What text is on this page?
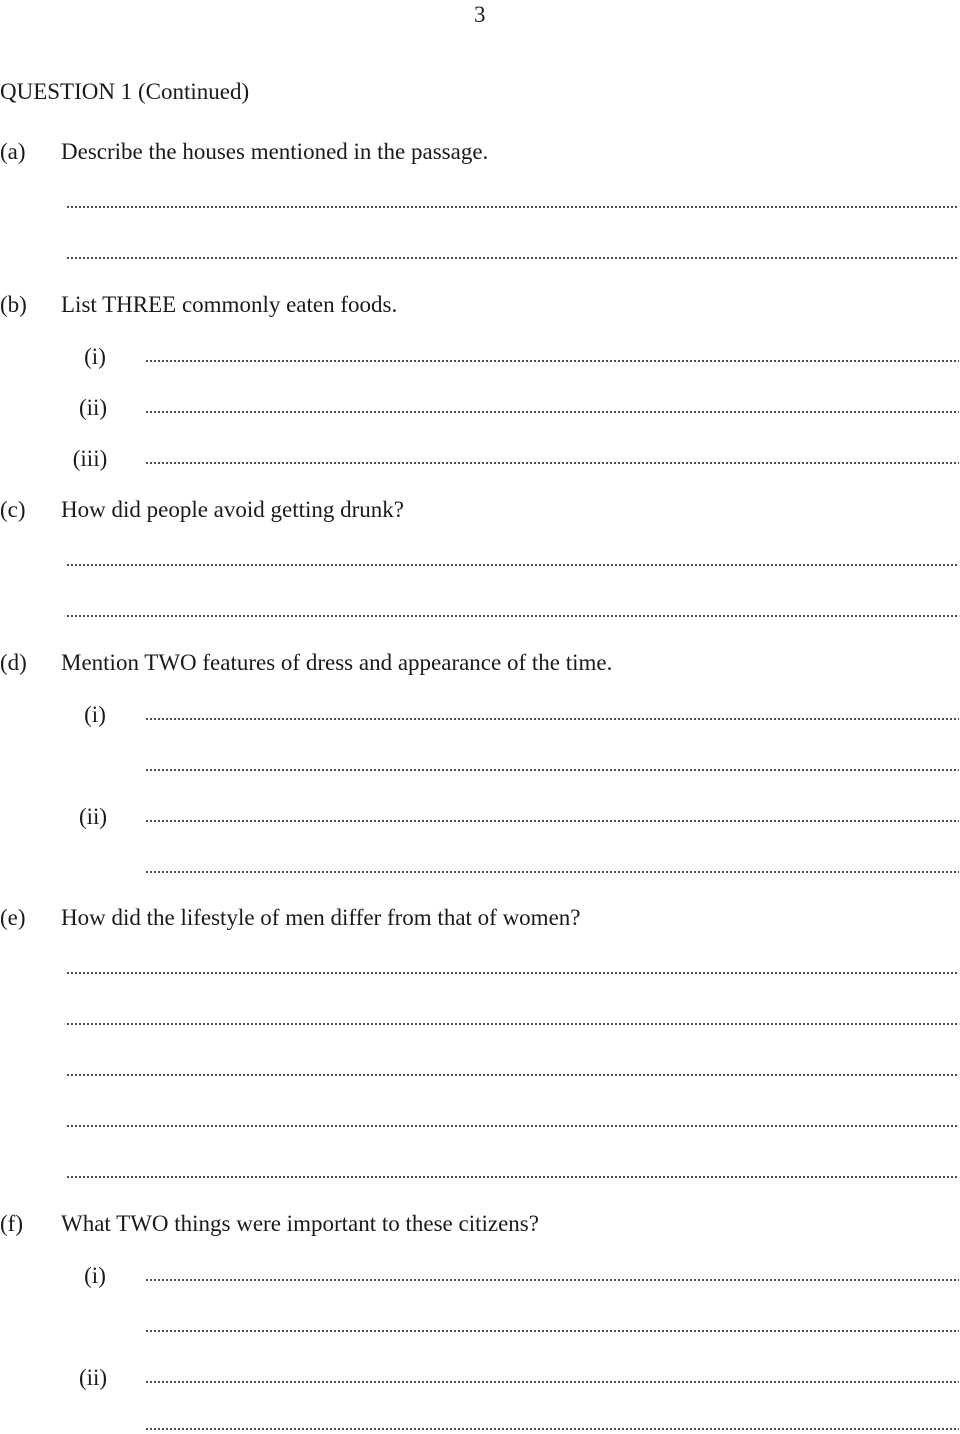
3
QUESTION 1 (Continued)
(a) Describe the houses mentioned in the passage.
(b) List THREE commonly eaten foods.
(i)
(ii)
(iii)
(c) How did people avoid getting drunk?
(d) Mention TWO features of dress and appearance of the time.
(i)
(ii)
(e) How did the lifestyle of men differ from that of women?
(f) What TWO things were important to these citizens?
(i)
(ii)
